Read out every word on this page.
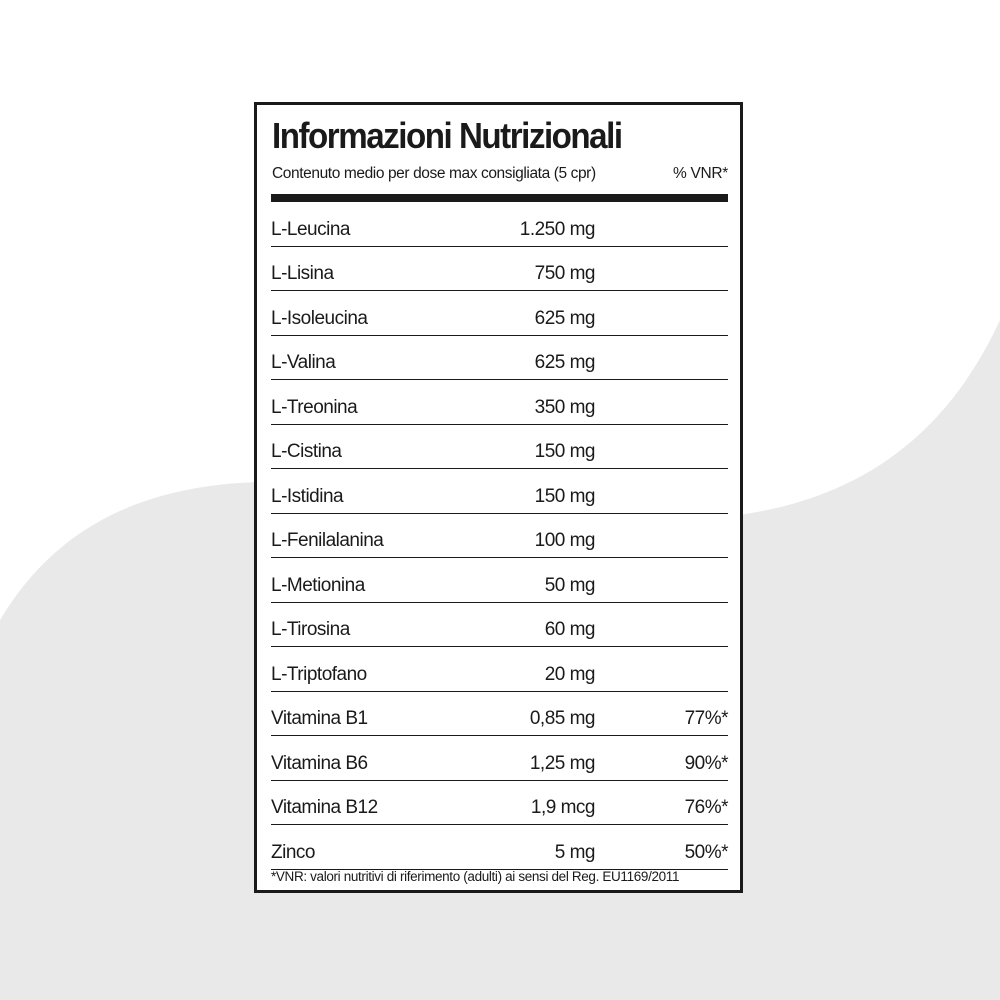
Informazioni Nutrizionali
Contenuto medio per dose max consigliata (5 cpr)	% VNR*
L-Leucina	1.250 mg
L-Lisina	750 mg
L-Isoleucina	625 mg
L-Valina	625 mg
L-Treonina	350 mg
L-Cistina	150 mg
L-Istidina	150 mg
L-Fenilalanina	100 mg
L-Metionina	50 mg
L-Tirosina	60 mg
L-Triptofano	20 mg
Vitamina B1	0,85 mg	77%*
Vitamina B6	1,25 mg	90%*
Vitamina B12	1,9 mcg	76%*
Zinco	5 mg	50%*
*VNR: valori nutritivi di riferimento (adulti) ai sensi del Reg. EU1169/2011
